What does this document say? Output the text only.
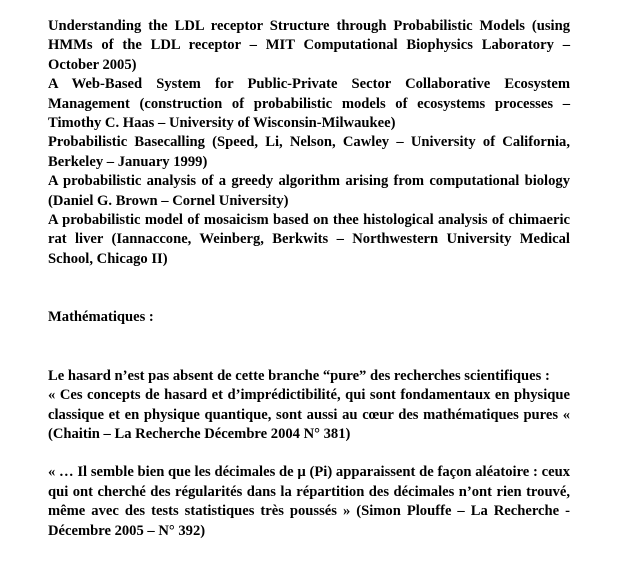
Understanding the LDL receptor Structure through Probabilistic Models (using HMMs of the LDL receptor – MIT Computational Biophysics Laboratory – October 2005)

A Web-Based System for Public-Private Sector Collaborative Ecosystem Management (construction of probabilistic models of ecosystems processes – Timothy C. Haas – University of Wisconsin-Milwaukee)

Probabilistic Basecalling (Speed, Li, Nelson, Cawley – University of California, Berkeley – January 1999)

A probabilistic analysis of a greedy algorithm arising from computational biology (Daniel G. Brown – Cornel University)

A probabilistic model of mosaicism based on thee histological analysis of chimaeric rat liver (Iannaccone, Weinberg, Berkwits – Northwestern University Medical School, Chicago II)

Mathématiques :

Le hasard n’est pas absent de cette branche “pure” des recherches scientifiques :

« Ces concepts de hasard et d’imprédictibilité, qui sont fondamentaux en physique classique et en physique quantique, sont aussi au cœur des mathématiques pures « (Chaitin – La Recherche Décembre 2004 N° 381)

« … Il semble bien que les décimales de µ (Pi) apparaissent de façon aléatoire : ceux qui ont cherché des régularités dans la répartition des décimales n’ont rien trouvé, même avec des tests statistiques très poussés » (Simon Plouffe – La Recherche - Décembre 2005 – N° 392)
